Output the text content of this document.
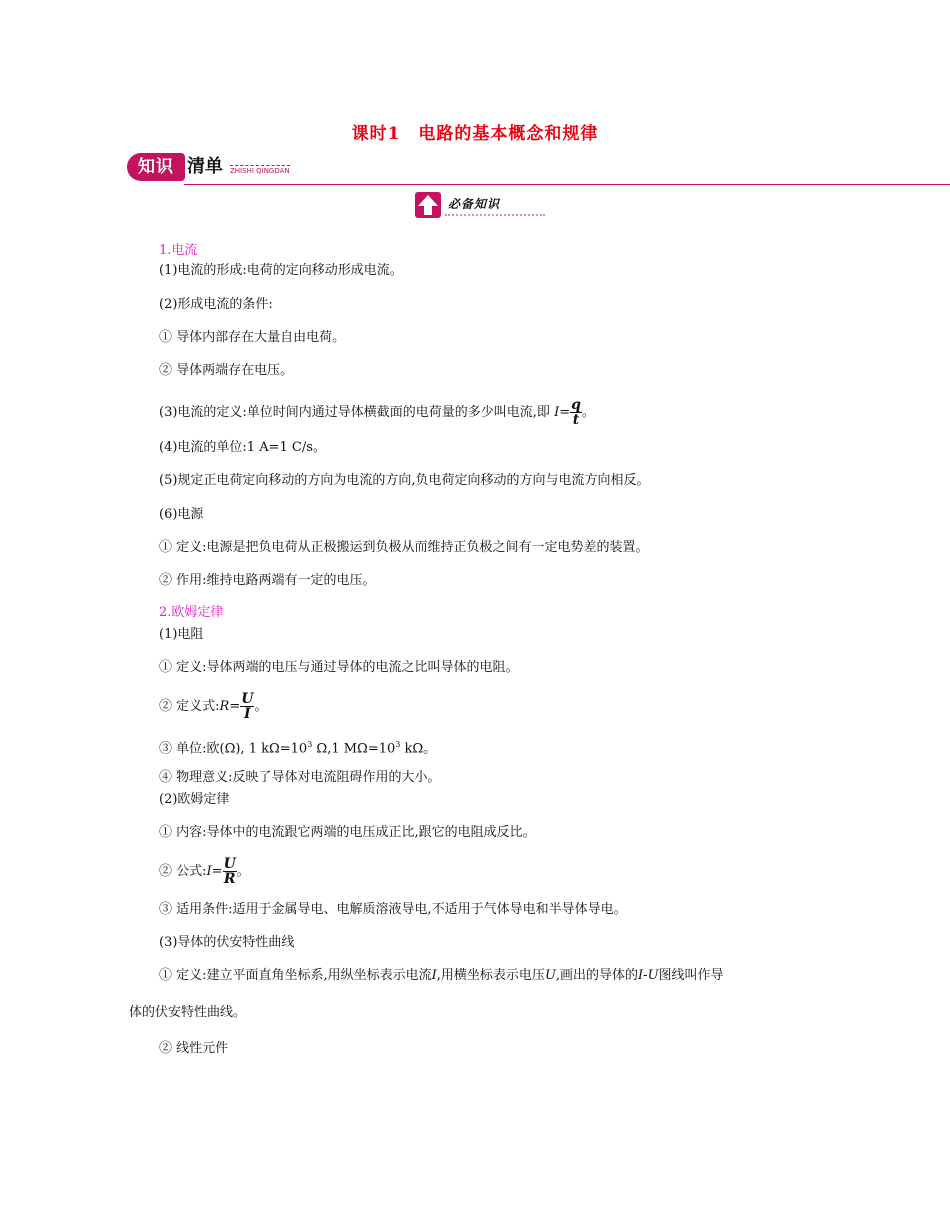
课时1　电路的基本概念和规律
知识 清单 ZHISHI QINGDAN
必备知识
1.电流
(1)电流的形成:电荷的定向移动形成电流。
(2)形成电流的条件:
① 导体内部存在大量自由电荷。
② 导体两端存在电压。
(3)电流的定义:单位时间内通过导体横截面的电荷量的多少叫电流,即 $I= \frac{q}{t}$ 。
(4)电流的单位:1 A=1 C/s。
(5)规定正电荷定向移动的方向为电流的方向,负电荷定向移动的方向与电流方向相反。
(6)电源
① 定义:电源是把负电荷从正极搬运到负极从而维持正负极之间有一定电势差的装置。
② 作用:维持电路两端有一定的电压。
2.欧姆定律
(1)电阻
① 定义:导体两端的电压与通过导体的电流之比叫导体的电阻。
② 定义式:R= $\frac{U}{I}$ 。
③ 单位:欧(Ω), 1 $k\Omega=10^3$ Ω,1 $M\Omega=10^3$ kΩ。
④ 物理意义:反映了导体对电流阻碍作用的大小。
(2)欧姆定律
① 内容:导体中的电流跟它两端的电压成正比,跟它的电阻成反比。
② 公式:I= $\frac{U}{R}$ 。
③ 适用条件:适用于金属导电、电解质溶液导电,不适用于气体导电和半导体导电。
(3)导体的伏安特性曲线
① 定义:建立平面直角坐标系,用纵坐标表示电流I,用横坐标表示电压U,画出的导体的I-U图线叫作导
体的伏安特性曲线。
② 线性元件
